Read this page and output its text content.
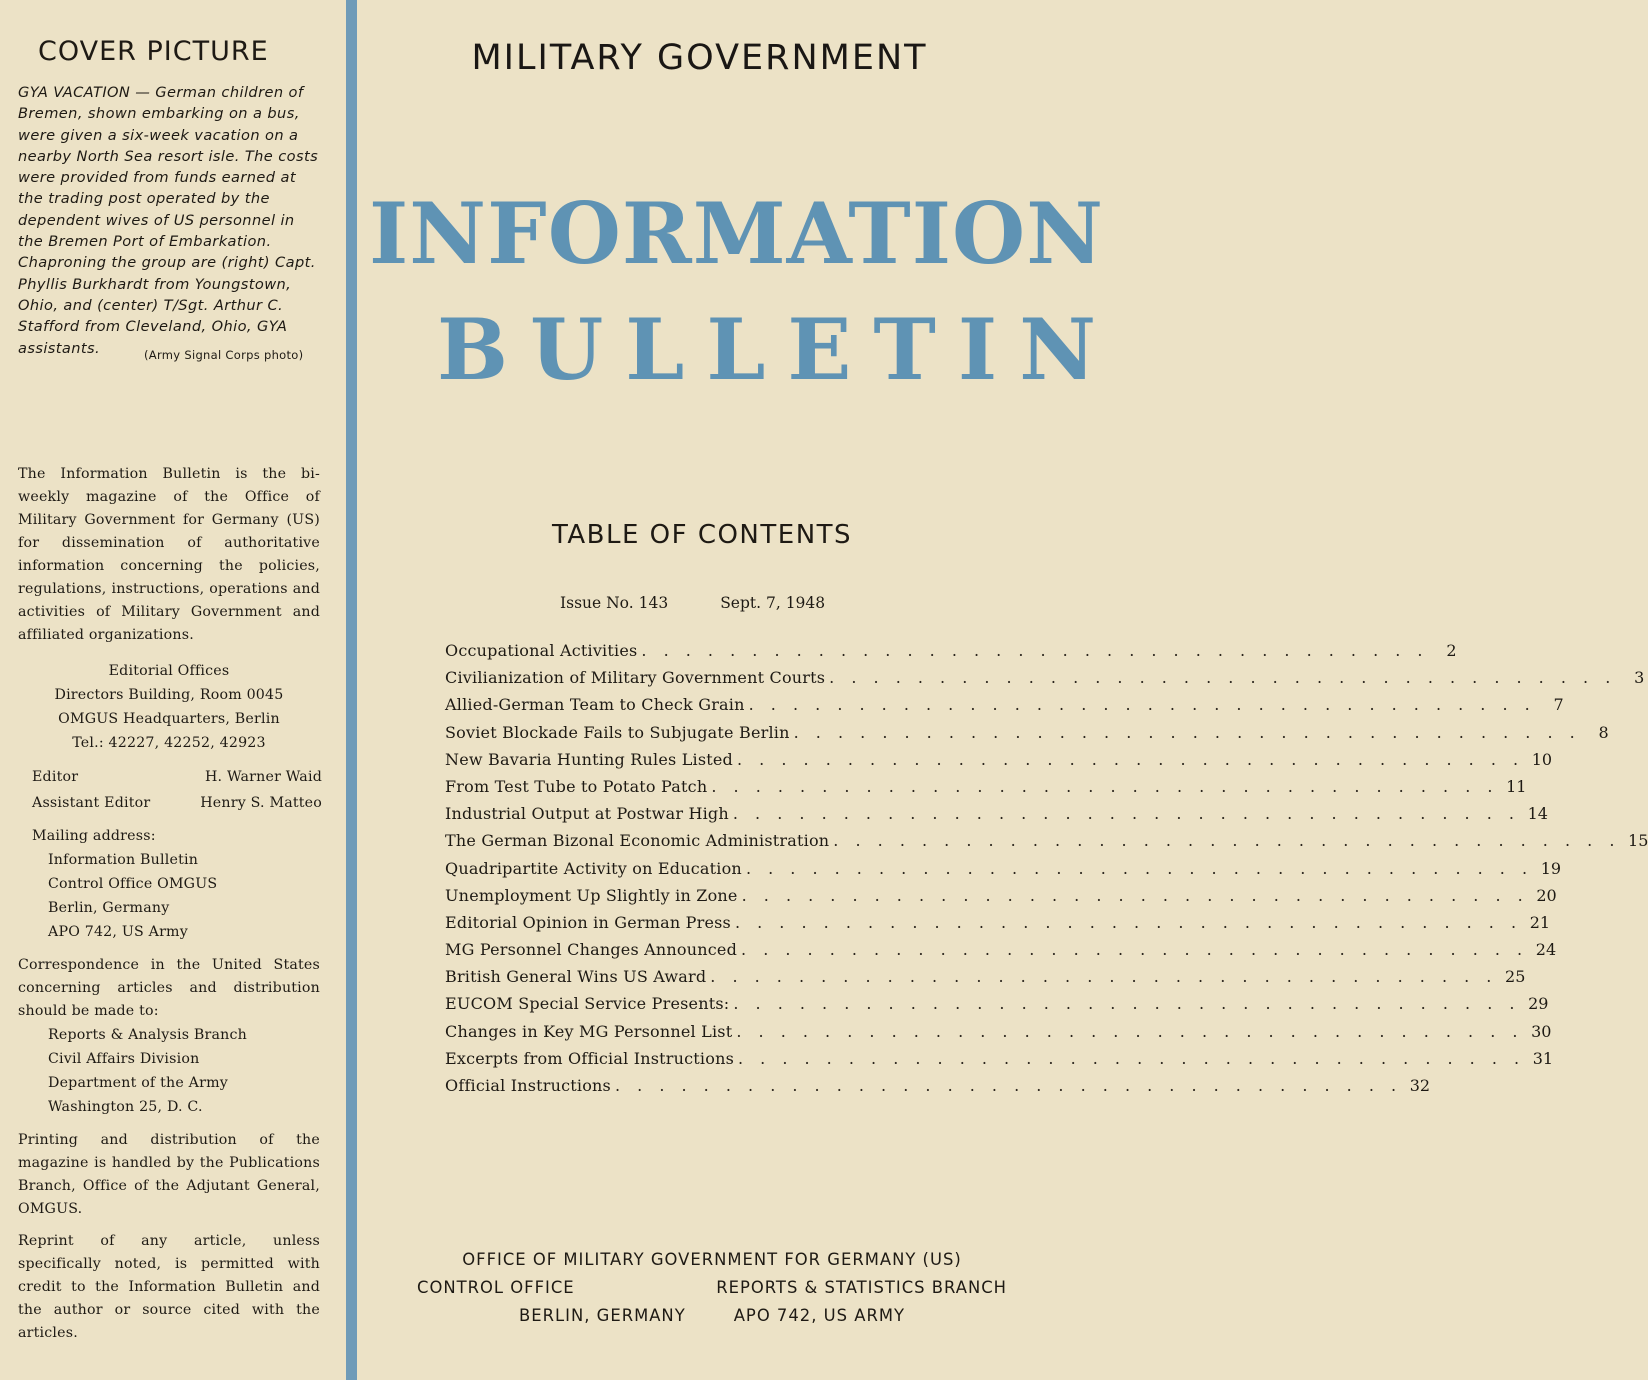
COVER PICTURE

GYA VACATION — German children of Bremen, shown embarking on a bus, were given a six-week vacation on a nearby North Sea resort isle. The costs were provided from funds earned at the trading post operated by the dependent wives of US personnel in the Bremen Port of Embarkation. Chaproning the group are (right) Capt. Phyllis Burkhardt from Youngstown, Ohio, and (center) T/Sgt. Arthur C. Stafford from Cleveland, Ohio, GYA assistants.	(Army Signal Corps photo)

The Information Bulletin is the bi-weekly magazine of the Office of Military Government for Germany (US) for dissemination of authoritative information concerning the policies, regulations, instructions, operations and activities of Military Government and affiliated organizations.

Editorial Offices

Directors Building, Room 0045

OMGUS Headquarters, Berlin

Tel.: 42227, 42252, 42923

Editor	H. Warner Waid
Assistant Editor	Henry S. Matteo

Mailing address:

Information Bulletin

Control Office OMGUS

Berlin, Germany

APO 742, US Army

Correspondence in the United States concerning articles and distribution should be made to:

Reports & Analysis Branch

Civil Affairs Division

Department of the Army

Washington 25, D. C.

Printing and distribution of the magazine is handled by the Publications Branch, Office of the Adjutant General, OMGUS.

Reprint of any article, unless specifically noted, is permitted with credit to the Information Bulletin and the author or source cited with the articles.

MILITARY GOVERNMENT
INFORMATION
BULLETIN
TABLE OF CONTENTS
Issue No. 143	Sept. 7, 1948
Occupational Activities . . .	2
Civilianization of Military Government Courts . . .	3
Allied-German Team to Check Grain . . .	7
Soviet Blockade Fails to Subjugate Berlin . . .	8
New Bavaria Hunting Rules Listed . . .	10
From Test Tube to Potato Patch . . .	11
Industrial Output at Postwar High . . .	14
The German Bizonal Economic Administration . . .	15
Quadripartite Activity on Education . . .	19
Unemployment Up Slightly in Zone . . .	20
Editorial Opinion in German Press . . .	21
MG Personnel Changes Announced . . .	24
British General Wins US Award . . .	25
EUCOM Special Service Presents: . . .	29
Changes in Key MG Personnel List . . .	30
Excerpts from Official Instructions . . .	31
Official Instructions . . .	32
OFFICE OF MILITARY GOVERNMENT FOR GERMANY (US)
CONTROL OFFICE	REPORTS & STATISTICS BRANCH
BERLIN, GERMANY	APO 742, US ARMY
